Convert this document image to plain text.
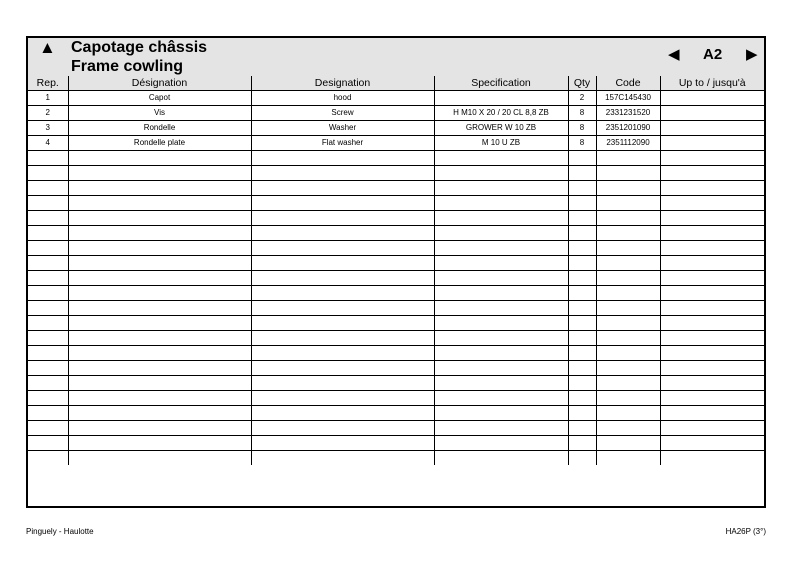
▲ Capotage châssis
Frame cowling
◀ A2 ▶
Rep.	Désignation	Designation	Specification	Qty	Code	Up to / jusqu'à
1	Capot	hood		2	157C145430	
2	Vis	Screw	H M10 X 20 / 20 CL 8,8 ZB	8	2331231520	
3	Rondelle	Washer	GROWER W 10 ZB	8	2351201090	
4	Rondelle plate	Flat washer	M 10 U ZB	8	2351112090	

Pinguely - Haulotte	HA26P (3°)
